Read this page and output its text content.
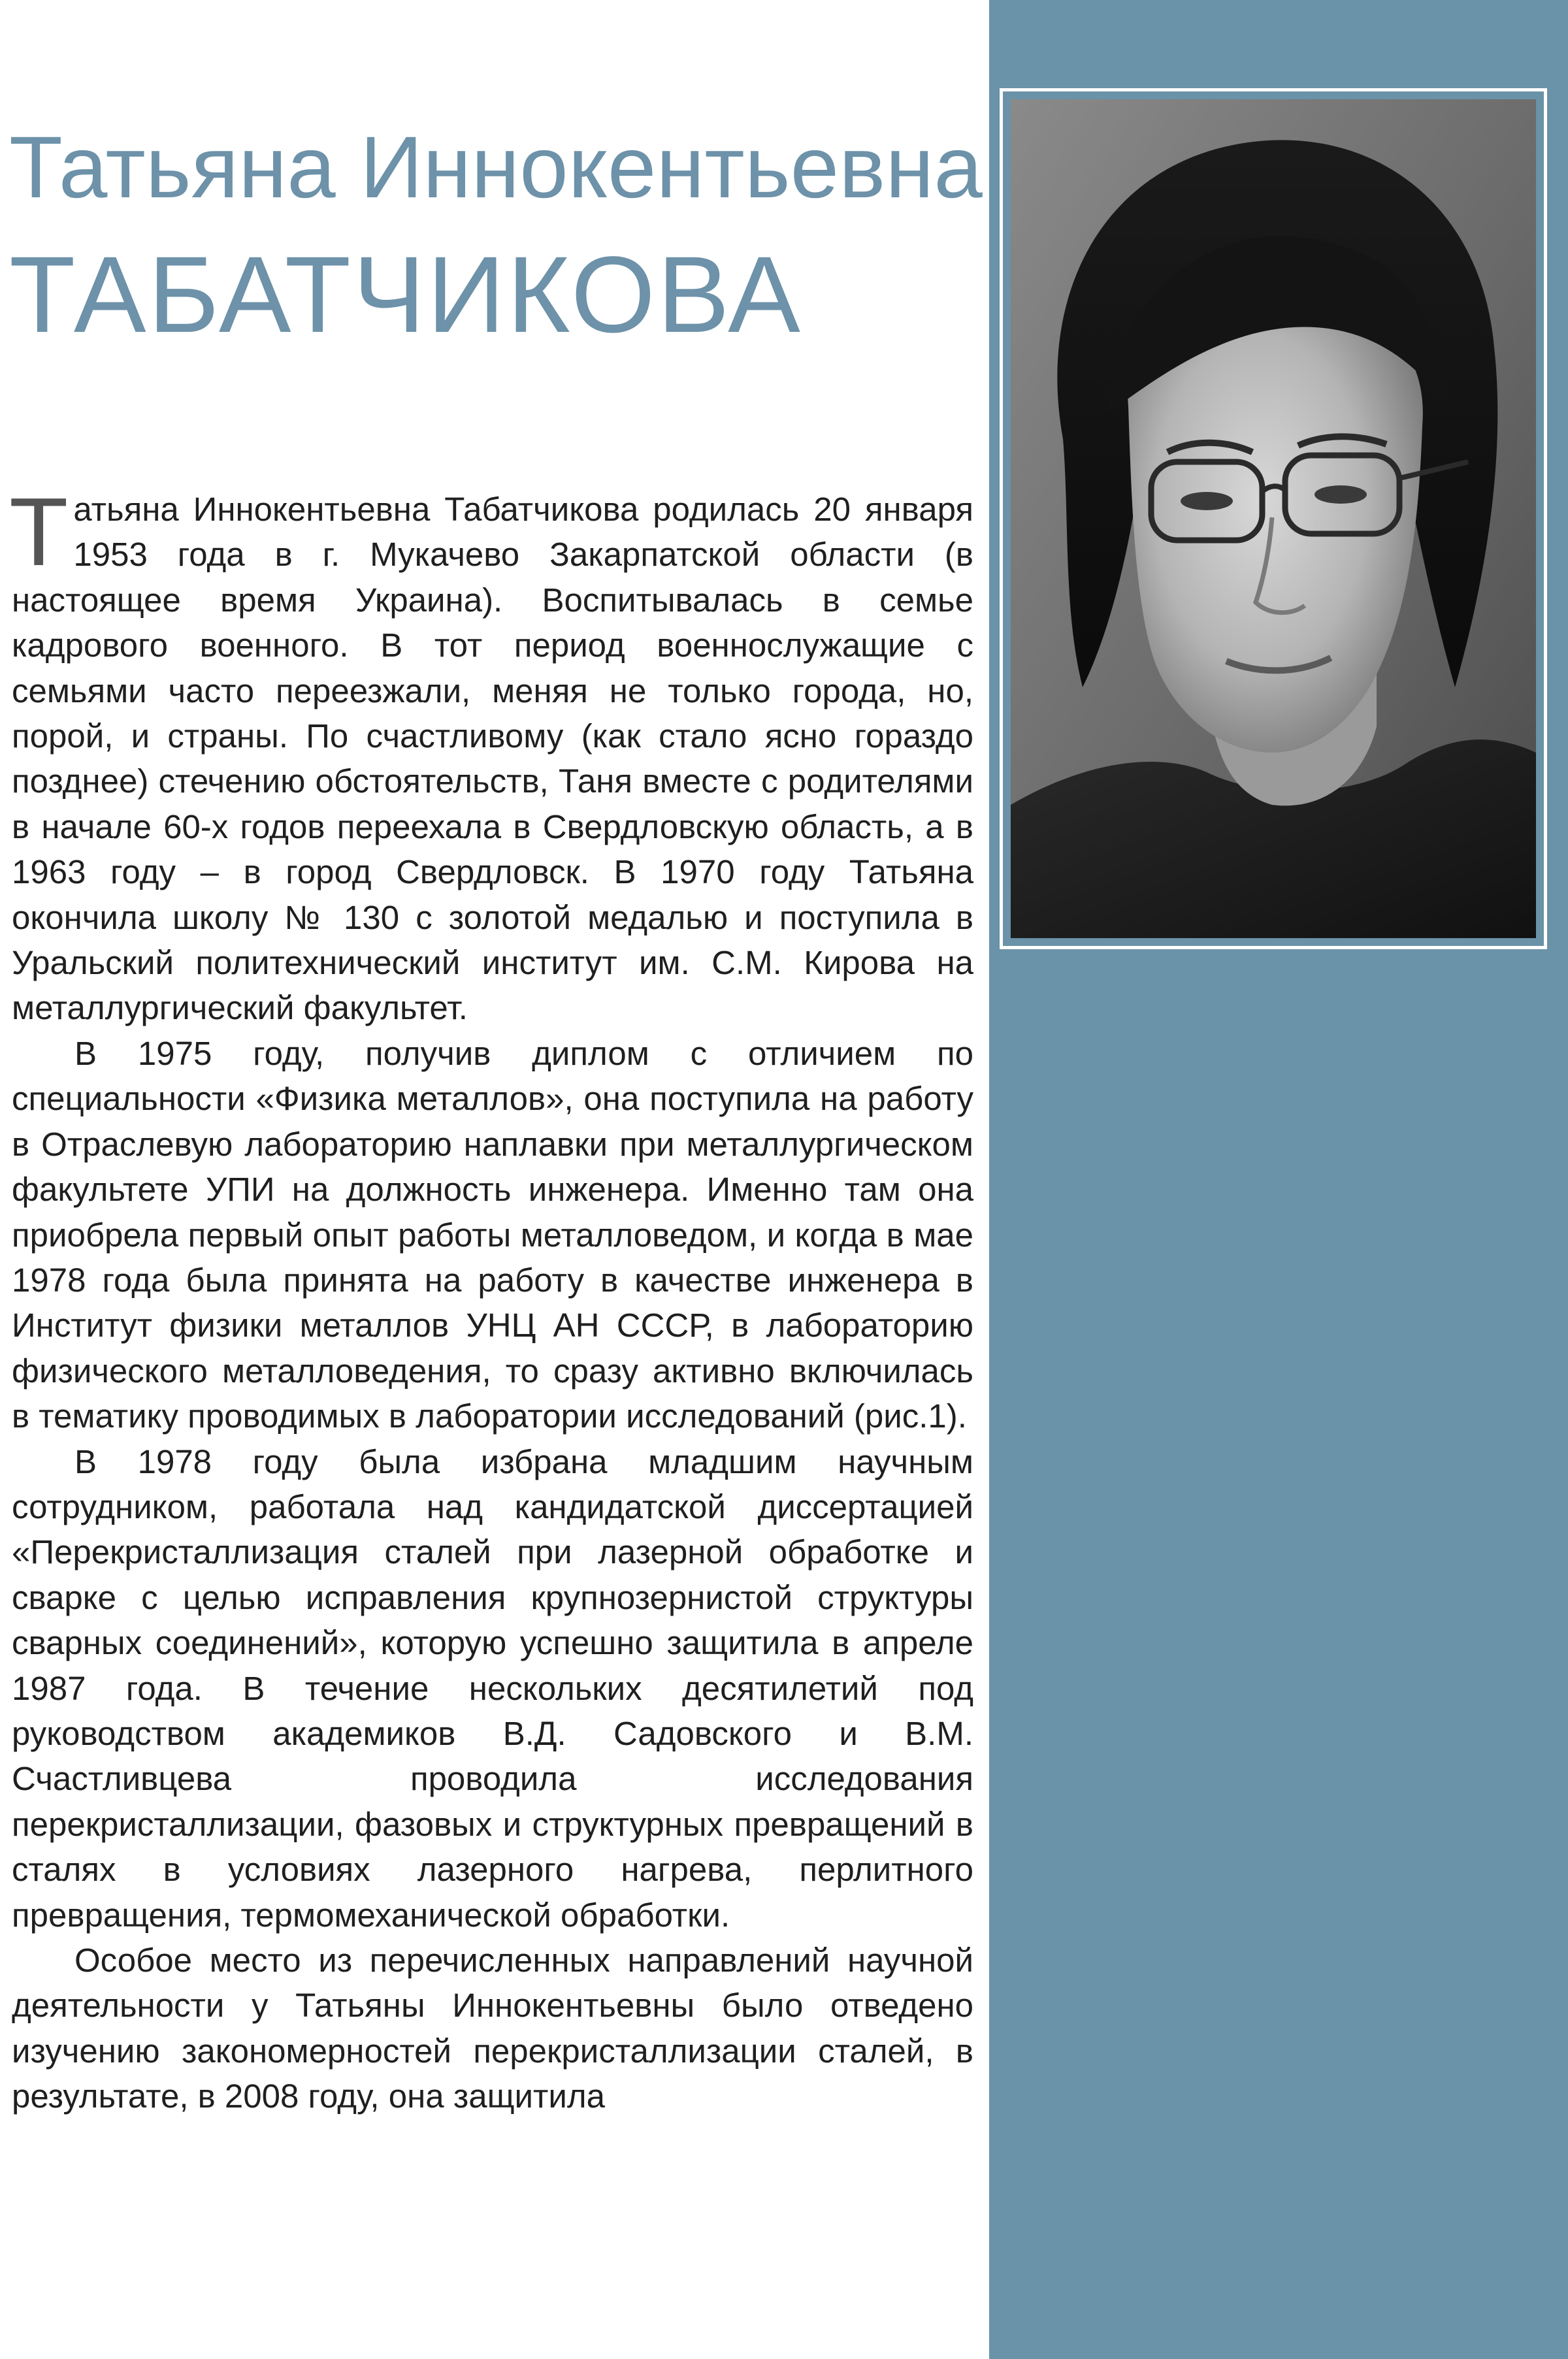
Татьяна Иннокентьевна
ТАБАТЧИКОВА

Татьяна Иннокентьевна Табатчикова родилась 20 января 1953 года в г. Мукачево Закарпатской области (в настоящее время Украина). Воспитывалась в семье кадрового военного. В тот период военнослужащие с семьями часто переезжали, меняя не только города, но, порой, и страны. По счастливому (как стало ясно гораздо позднее) стечению обстоятельств, Таня вместе с родителями в начале 60-х годов переехала в Свердловскую область, а в 1963 году – в город Свердловск. В 1970 году Татьяна окончила школу № 130 с золотой медалью и поступила в Уральский политехнический институт им. С.М. Кирова на металлургический факультет.

В 1975 году, получив диплом с отличием по специальности «Физика металлов», она поступила на работу в Отраслевую лабораторию наплавки при металлургическом факультете УПИ на должность инженера. Именно там она приобрела первый опыт работы металловедом, и когда в мае 1978 года была принята на работу в качестве инженера в Институт физики металлов УНЦ АН СССР, в лабораторию физического металловедения, то сразу активно включилась в тематику проводимых в лаборатории исследований (рис.1).

В 1978 году была избрана младшим научным сотрудником, работала над кандидатской диссертацией «Перекристаллизация сталей при лазерной обработке и сварке с целью исправления крупнозернистой структуры сварных соединений», которую успешно защитила в апреле 1987 года. В течение нескольких десятилетий под руководством академиков В.Д. Садовского и В.М. Счастливцева проводила исследования перекристаллизации, фазовых и структурных превращений в сталях в условиях лазерного нагрева, перлитного превращения, термомеханической обработки.

Особое место из перечисленных направлений научной деятельности у Татьяны Иннокентьевны было отведено изучению закономерностей перекристаллизации сталей, в результате, в 2008 году, она защитила
